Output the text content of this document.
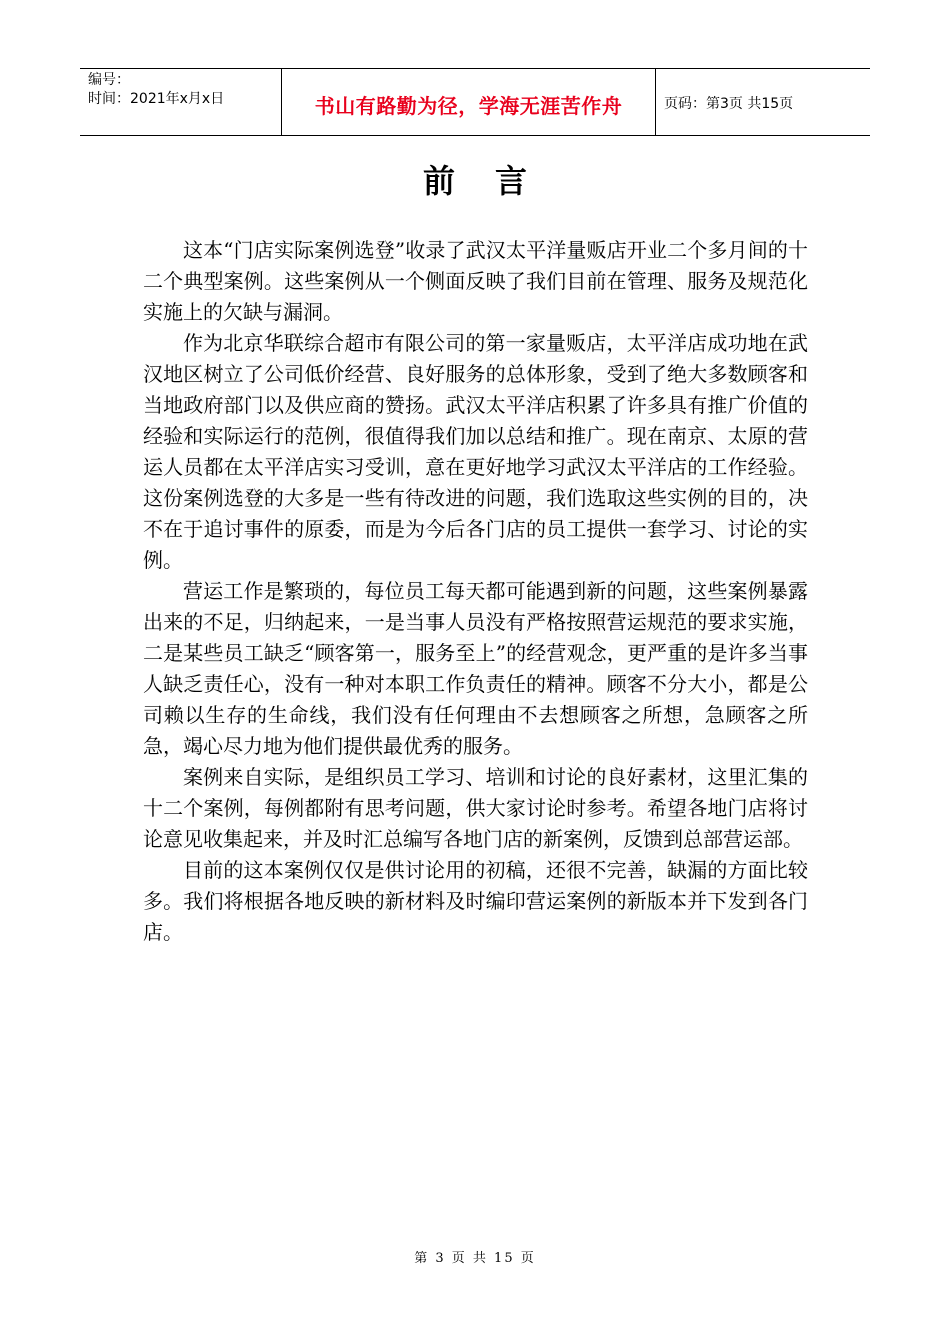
编号：
时间：2021年x月x日	书山有路勤为径，学海无涯苦作舟	页码：第3页 共15页
前言

这本“门店实际案例选登”收录了武汉太平洋量贩店开业二个多月间的十二个典型案例。这些案例从一个侧面反映了我们目前在管理、服务及规范化实施上的欠缺与漏洞。

作为北京华联综合超市有限公司的第一家量贩店，太平洋店成功地在武汉地区树立了公司低价经营、良好服务的总体形象，受到了绝大多数顾客和当地政府部门以及供应商的赞扬。武汉太平洋店积累了许多具有推广价值的经验和实际运行的范例，很值得我们加以总结和推广。现在南京、太原的营运人员都在太平洋店实习受训，意在更好地学习武汉太平洋店的工作经验。这份案例选登的大多是一些有待改进的问题，我们选取这些实例的目的，决不在于追讨事件的原委，而是为今后各门店的员工提供一套学习、讨论的实例。

营运工作是繁琐的，每位员工每天都可能遇到新的问题，这些案例暴露出来的不足，归纳起来，一是当事人员没有严格按照营运规范的要求实施，二是某些员工缺乏“顾客第一，服务至上”的经营观念，更严重的是许多当事人缺乏责任心，没有一种对本职工作负责任的精神。顾客不分大小，都是公司赖以生存的生命线，我们没有任何理由不去想顾客之所想，急顾客之所急，竭心尽力地为他们提供最优秀的服务。

案例来自实际，是组织员工学习、培训和讨论的良好素材，这里汇集的十二个案例，每例都附有思考问题，供大家讨论时参考。希望各地门店将讨论意见收集起来，并及时汇总编写各地门店的新案例，反馈到总部营运部。

目前的这本案例仅仅是供讨论用的初稿，还很不完善，缺漏的方面比较多。我们将根据各地反映的新材料及时编印营运案例的新版本并下发到各门店。

第 3 页 共 15 页
